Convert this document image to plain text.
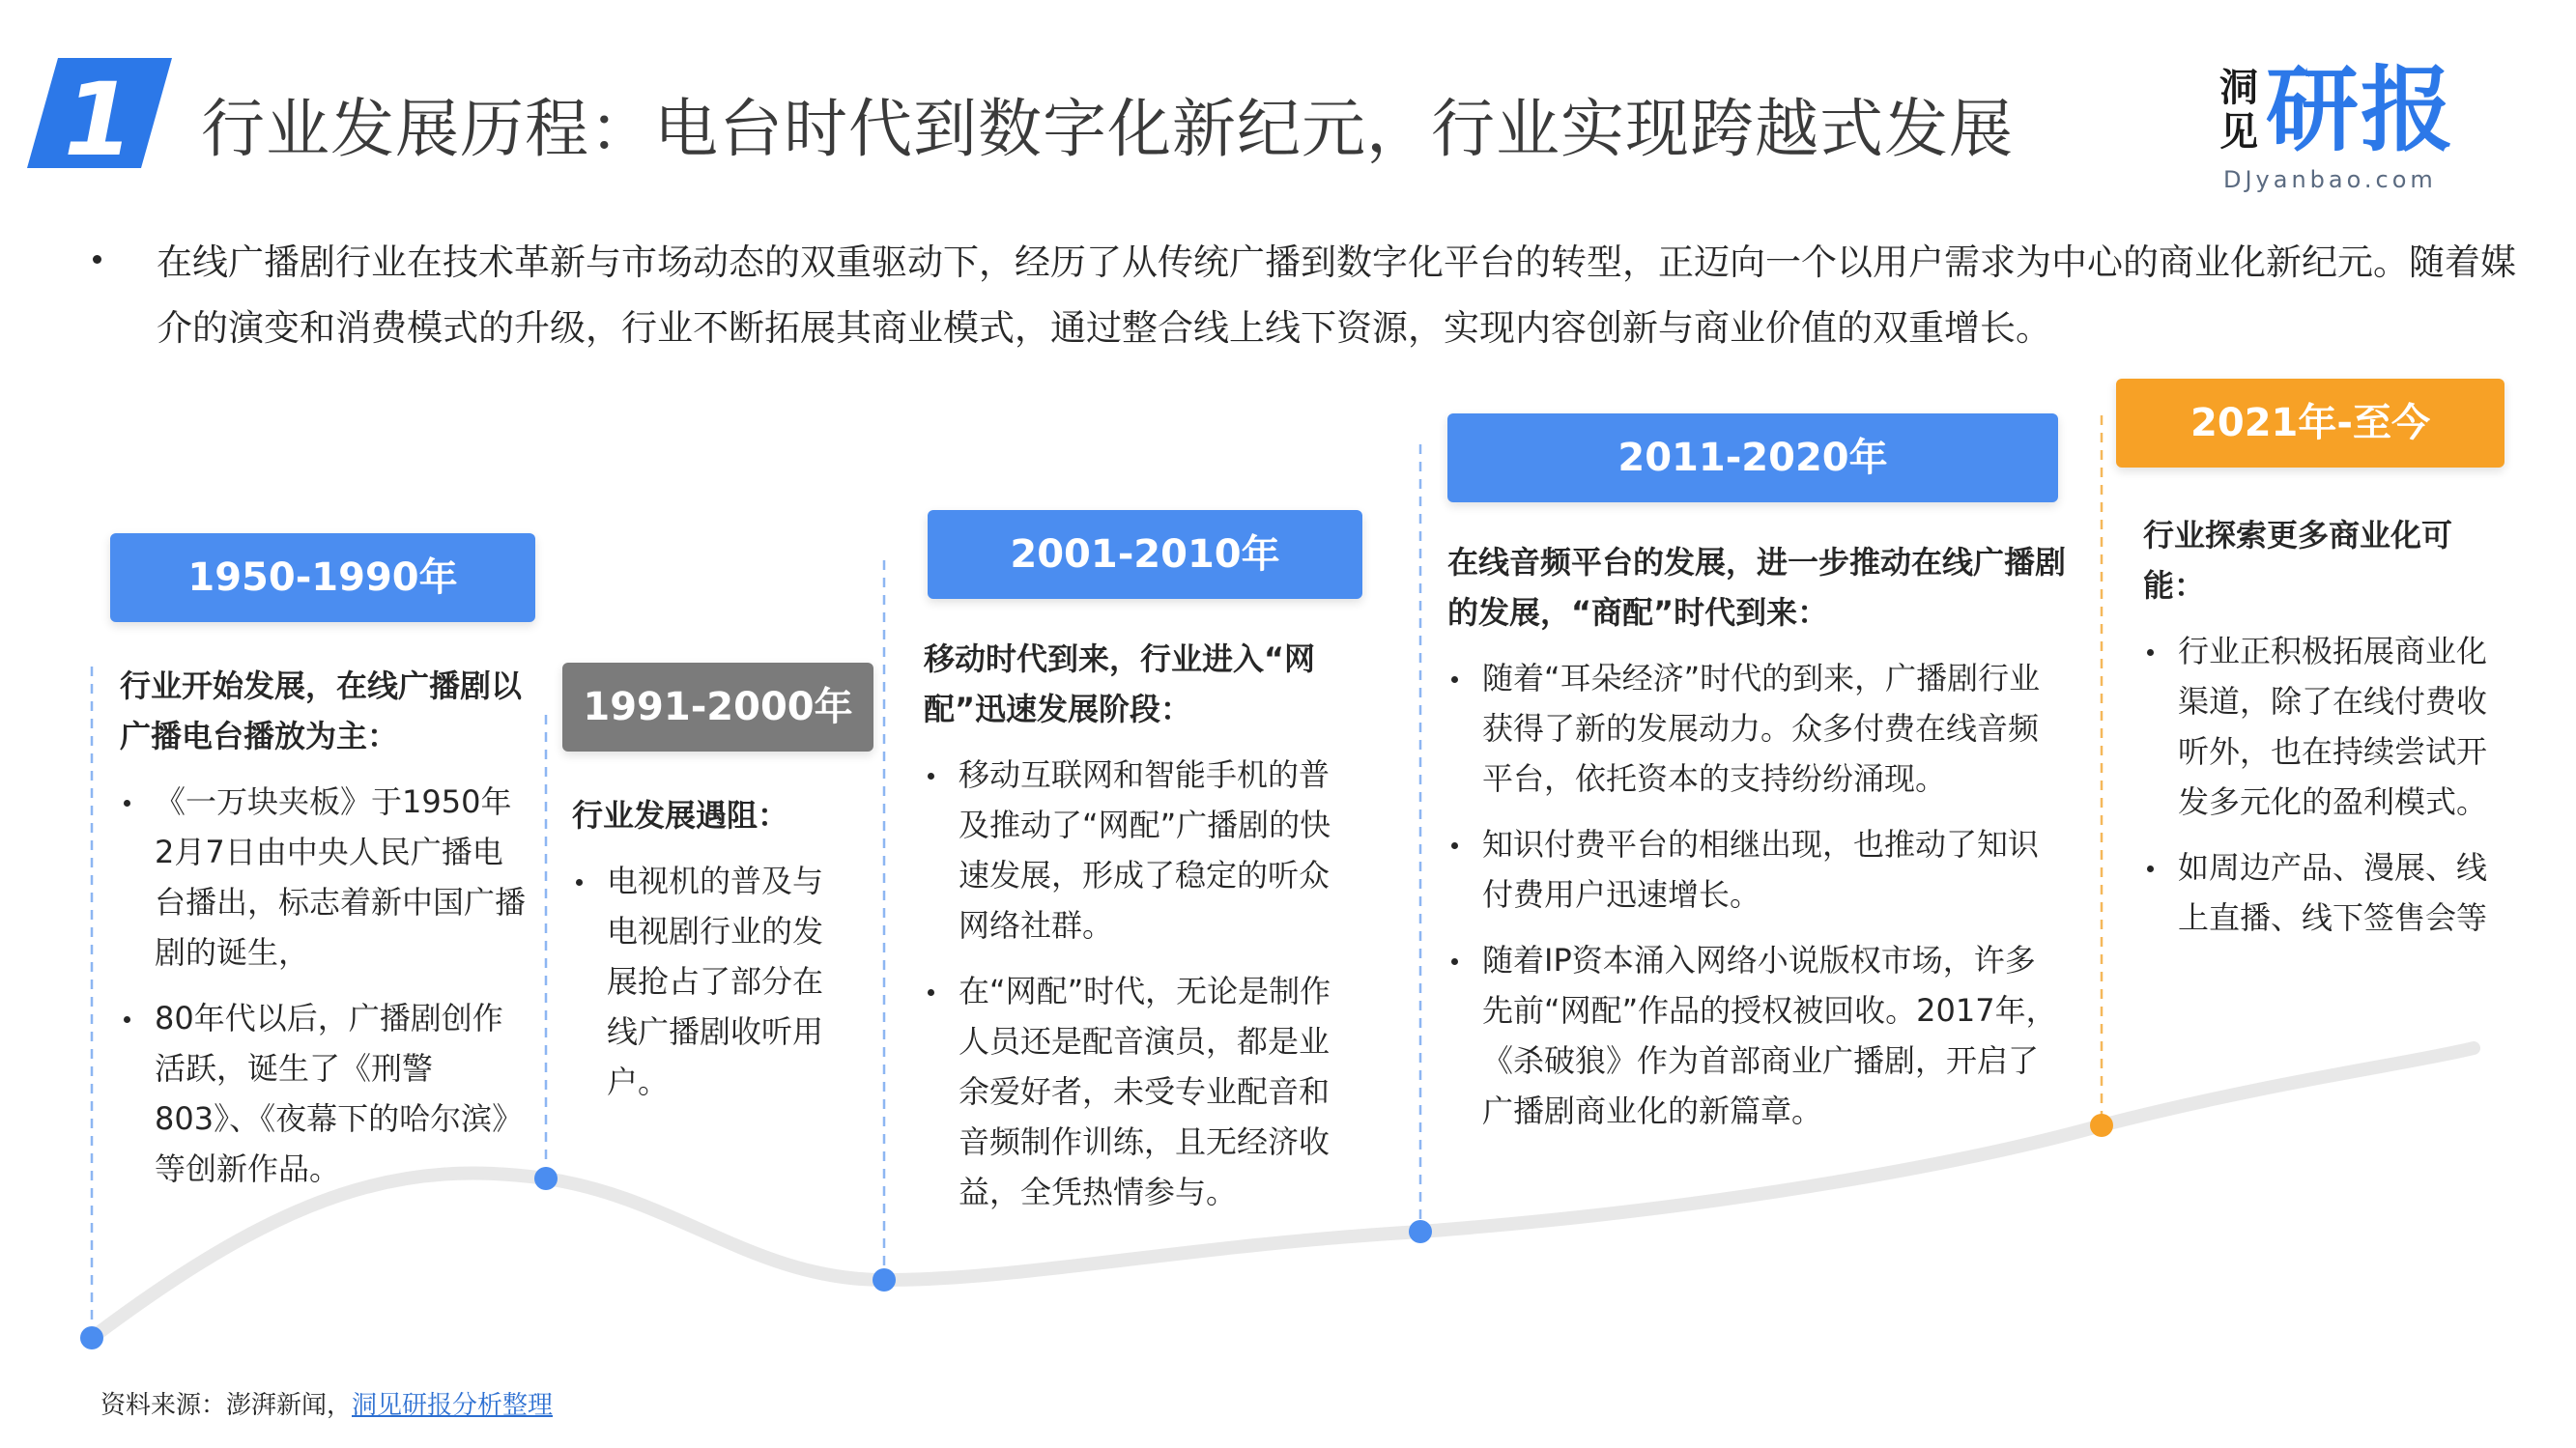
1 行业发展历程：电台时代到数字化新纪元，行业实现跨越式发展
洞见 研报
DJyanbao.com
在线广播剧行业在技术革新与市场动态的双重驱动下，经历了从传统广播到数字化平台的转型，正迈向一个以用户需求为中心的商业化新纪元。随着媒介的演变和消费模式的升级，行业不断拓展其商业模式，通过整合线上线下资源，实现内容创新与商业价值的双重增长。
1950-1990年

行业开始发展，在线广播剧以广播电台播放为主：

《一万块夹板》于1950年2月7日由中央人民广播电台播出，标志着新中国广播剧的诞生，
80年代以后，广播剧创作活跃，诞生了《刑警803》、《夜幕下的哈尔滨》等创新作品。
1991-2000年

行业发展遇阻：

电视机的普及与电视剧行业的发展抢占了部分在线广播剧收听用户。
2001-2010年

移动时代到来，行业进入“网配”迅速发展阶段：

移动互联网和智能手机的普及推动了“网配”广播剧的快速发展，形成了稳定的听众网络社群。
在“网配”时代，无论是制作人员还是配音演员，都是业余爱好者，未受专业配音和音频制作训练，且无经济收益，全凭热情参与。
2011-2020年

在线音频平台的发展，进一步推动在线广播剧的发展，“商配”时代到来：

随着“耳朵经济”时代的到来，广播剧行业获得了新的发展动力。众多付费在线音频平台，依托资本的支持纷纷涌现。
知识付费平台的相继出现，也推动了知识付费用户迅速增长。
随着IP资本涌入网络小说版权市场，许多先前“网配”作品的授权被回收。2017年，《杀破狼》作为首部商业广播剧，开启了广播剧商业化的新篇章。
2021年-至今

行业探索更多商业化可能：

行业正积极拓展商业化渠道，除了在线付费收听外，也在持续尝试开发多元化的盈利模式。
如周边产品、漫展、线上直播、线下签售会等
资料来源：澎湃新闻，洞见研报分析整理
